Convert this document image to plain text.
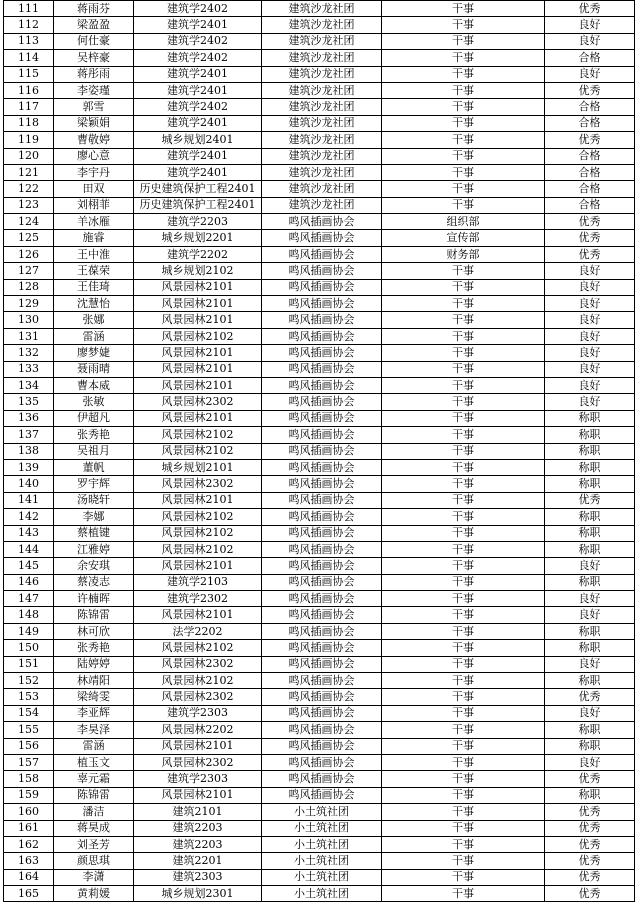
111	蒋雨芬	建筑学2402	建筑沙龙社团	干事	优秀
112	梁盈盈	建筑学2401	建筑沙龙社团	干事	良好
113	何仕豪	建筑学2402	建筑沙龙社团	干事	良好
114	吴梓豪	建筑学2402	建筑沙龙社团	干事	合格
115	蒋彤雨	建筑学2401	建筑沙龙社团	干事	良好
116	李姿瑾	建筑学2401	建筑沙龙社团	干事	优秀
117	郭雪	建筑学2402	建筑沙龙社团	干事	合格
118	梁颖娟	建筑学2401	建筑沙龙社团	干事	合格
119	曹敬婷	城乡规划2401	建筑沙龙社团	干事	优秀
120	廖心意	建筑学2401	建筑沙龙社团	干事	合格
121	李宇丹	建筑学2401	建筑沙龙社团	干事	合格
122	田双	历史建筑保护工程2401	建筑沙龙社团	干事	合格
123	刘栩菲	历史建筑保护工程2401	建筑沙龙社团	干事	合格
124	羊冰雁	建筑学2203	鸣风插画协会	组织部	优秀
125	施睿	城乡规划2201	鸣风插画协会	宣传部	优秀
126	王中淮	建筑学2202	鸣风插画协会	财务部	优秀
127	王葆荣	城乡规划2102	鸣风插画协会	干事	良好
128	王佳琦	风景园林2101	鸣风插画协会	干事	良好
129	沈慧怡	风景园林2101	鸣风插画协会	干事	良好
130	张娜	风景园林2101	鸣风插画协会	干事	良好
131	雷涵	风景园林2102	鸣风插画协会	干事	良好
132	廖梦婕	风景园林2101	鸣风插画协会	干事	良好
133	聂雨晴	风景园林2101	鸣风插画协会	干事	良好
134	曹本威	风景园林2101	鸣风插画协会	干事	良好
135	张敏	风景园林2302	鸣风插画协会	干事	良好
136	伊超凡	风景园林2101	鸣风插画协会	干事	称职
137	张秀艳	风景园林2102	鸣风插画协会	干事	称职
138	吴祖月	风景园林2102	鸣风插画协会	干事	称职
139	董帆	城乡规划2101	鸣风插画协会	干事	称职
140	罗宇辉	风景园林2302	鸣风插画协会	干事	称职
141	汤晓轩	风景园林2101	鸣风插画协会	干事	优秀
142	李娜	风景园林2102	鸣风插画协会	干事	称职
143	蔡植键	风景园林2102	鸣风插画协会	干事	称职
144	江雅婷	风景园林2102	鸣风插画协会	干事	称职
145	余安琪	风景园林2101	鸣风插画协会	干事	良好
146	蔡凌志	建筑学2103	鸣风插画协会	干事	称职
147	许楠晖	建筑学2302	鸣风插画协会	干事	良好
148	陈锦雷	风景园林2101	鸣风插画协会	干事	良好
149	林可欣	法学2202	鸣风插画协会	干事	称职
150	张秀艳	风景园林2102	鸣风插画协会	干事	称职
151	陆婷婷	风景园林2302	鸣风插画协会	干事	良好
152	林靖阳	风景园林2102	鸣风插画协会	干事	称职
153	梁绮雯	风景园林2302	鸣风插画协会	干事	优秀
154	李亚辉	建筑学2303	鸣风插画协会	干事	良好
155	李昊泽	风景园林2202	鸣风插画协会	干事	称职
156	雷涵	风景园林2101	鸣风插画协会	干事	称职
157	植玉文	风景园林2302	鸣风插画协会	干事	良好
158	辜元霜	建筑学2303	鸣风插画协会	干事	优秀
159	陈锦雷	风景园林2101	鸣风插画协会	干事	称职
160	潘洁	建筑2101	小土筑社团	干事	优秀
161	蒋昊成	建筑2203	小土筑社团	干事	优秀
162	刘圣芳	建筑2203	小土筑社团	干事	优秀
163	颜思琪	建筑2201	小土筑社团	干事	优秀
164	李潇	建筑2303	小土筑社团	干事	优秀
165	黄莉媛	城乡规划2301	小土筑社团	干事	优秀
